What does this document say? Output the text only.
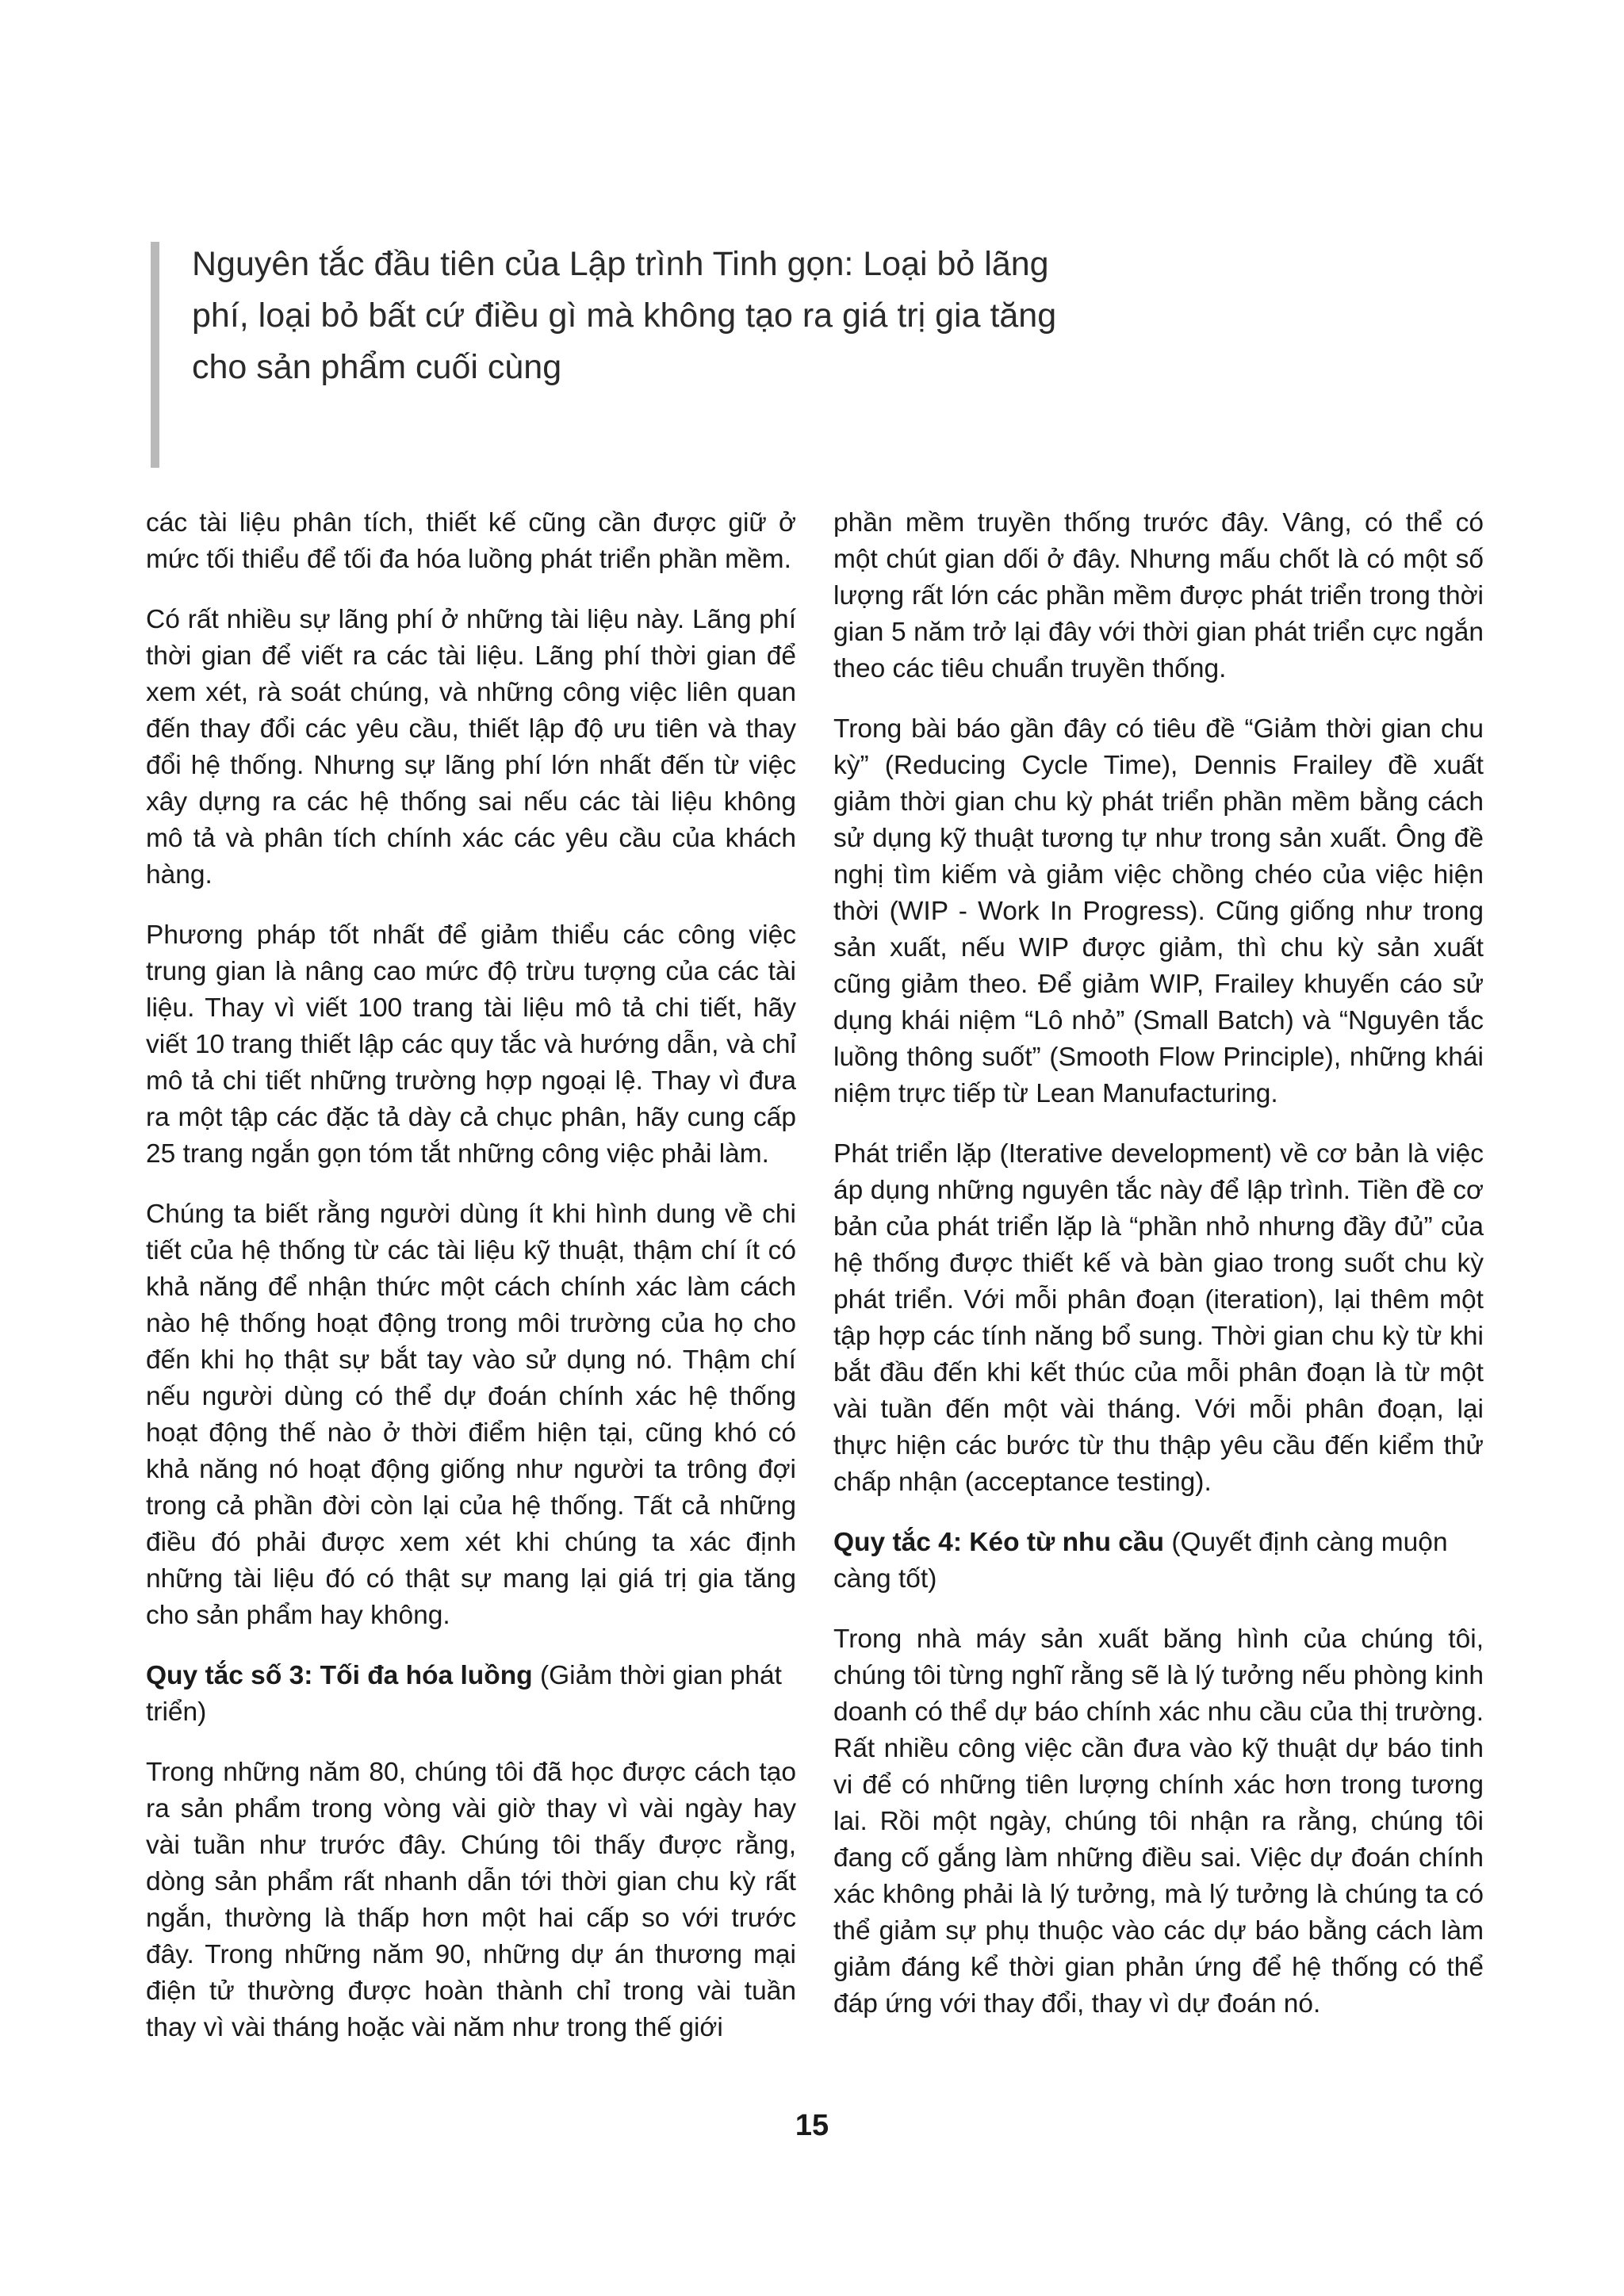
Nguyên tắc đầu tiên của Lập trình Tinh gọn: Loại bỏ lãng phí, loại bỏ bất cứ điều gì mà không tạo ra giá trị gia tăng cho sản phẩm cuối cùng

các tài liệu phân tích, thiết kế cũng cần được giữ ở mức tối thiểu để tối đa hóa luồng phát triển phần mềm.

Có rất nhiều sự lãng phí ở những tài liệu này. Lãng phí thời gian để viết ra các tài liệu. Lãng phí thời gian để xem xét, rà soát chúng, và những công việc liên quan đến thay đổi các yêu cầu, thiết lập độ ưu tiên và thay đổi hệ thống. Nhưng sự lãng phí lớn nhất đến từ việc xây dựng ra các hệ thống sai nếu các tài liệu không mô tả và phân tích chính xác các yêu cầu của khách hàng.

Phương pháp tốt nhất để giảm thiểu các công việc trung gian là nâng cao mức độ trừu tượng của các tài liệu. Thay vì viết 100 trang tài liệu mô tả chi tiết, hãy viết 10 trang thiết lập các quy tắc và hướng dẫn, và chỉ mô tả chi tiết những trường hợp ngoại lệ. Thay vì đưa ra một tập các đặc tả dày cả chục phân, hãy cung cấp 25 trang ngắn gọn tóm tắt những công việc phải làm.

Chúng ta biết rằng người dùng ít khi hình dung về chi tiết của hệ thống từ các tài liệu kỹ thuật, thậm chí ít có khả năng để nhận thức một cách chính xác làm cách nào hệ thống hoạt động trong môi trường của họ cho đến khi họ thật sự bắt tay vào sử dụng nó. Thậm chí nếu người dùng có thể dự đoán chính xác hệ thống hoạt động thế nào ở thời điểm hiện tại, cũng khó có khả năng nó hoạt động giống như người ta trông đợi trong cả phần đời còn lại của hệ thống. Tất cả những điều đó phải được xem xét khi chúng ta xác định những tài liệu đó có thật sự mang lại giá trị gia tăng cho sản phẩm hay không.

Quy tắc số 3: Tối đa hóa luồng (Giảm thời gian phát triển)

Trong những năm 80, chúng tôi đã học được cách tạo ra sản phẩm trong vòng vài giờ thay vì vài ngày hay vài tuần như trước đây. Chúng tôi thấy được rằng, dòng sản phẩm rất nhanh dẫn tới thời gian chu kỳ rất ngắn, thường là thấp hơn một hai cấp so với trước đây. Trong những năm 90, những dự án thương mại điện tử thường được hoàn thành chỉ trong vài tuần thay vì vài tháng hoặc vài năm như trong thế giới

phần mềm truyền thống trước đây. Vâng, có thể có một chút gian dối ở đây. Nhưng mấu chốt là có một số lượng rất lớn các phần mềm được phát triển trong thời gian 5 năm trở lại đây với thời gian phát triển cực ngắn theo các tiêu chuẩn truyền thống.

Trong bài báo gần đây có tiêu đề “Giảm thời gian chu kỳ” (Reducing Cycle Time), Dennis Frailey đề xuất giảm thời gian chu kỳ phát triển phần mềm bằng cách sử dụng kỹ thuật tương tự như trong sản xuất. Ông đề nghị tìm kiếm và giảm việc chồng chéo của việc hiện thời (WIP - Work In Progress). Cũng giống như trong sản xuất, nếu WIP được giảm, thì chu kỳ sản xuất cũng giảm theo. Để giảm WIP, Frailey khuyến cáo sử dụng khái niệm “Lô nhỏ” (Small Batch) và “Nguyên tắc luồng thông suốt” (Smooth Flow Principle), những khái niệm trực tiếp từ Lean Manufacturing.

Phát triển lặp (Iterative development) về cơ bản là việc áp dụng những nguyên tắc này để lập trình. Tiền đề cơ bản của phát triển lặp là “phần nhỏ nhưng đầy đủ” của hệ thống được thiết kế và bàn giao trong suốt chu kỳ phát triển. Với mỗi phân đoạn (iteration), lại thêm một tập hợp các tính năng bổ sung. Thời gian chu kỳ từ khi bắt đầu đến khi kết thúc của mỗi phân đoạn là từ một vài tuần đến một vài tháng. Với mỗi phân đoạn, lại thực hiện các bước từ thu thập yêu cầu đến kiểm thử chấp nhận (acceptance testing).

Quy tắc 4: Kéo từ nhu cầu (Quyết định càng muộn càng tốt)

Trong nhà máy sản xuất băng hình của chúng tôi, chúng tôi từng nghĩ rằng sẽ là lý tưởng nếu phòng kinh doanh có thể dự báo chính xác nhu cầu của thị trường. Rất nhiều công việc cần đưa vào kỹ thuật dự báo tinh vi để có những tiên lượng chính xác hơn trong tương lai. Rồi một ngày, chúng tôi nhận ra rằng, chúng tôi đang cố gắng làm những điều sai. Việc dự đoán chính xác không phải là lý tưởng, mà lý tưởng là chúng ta có thể giảm sự phụ thuộc vào các dự báo bằng cách làm giảm đáng kể thời gian phản ứng để hệ thống có thể đáp ứng với thay đổi, thay vì dự đoán nó.

15
